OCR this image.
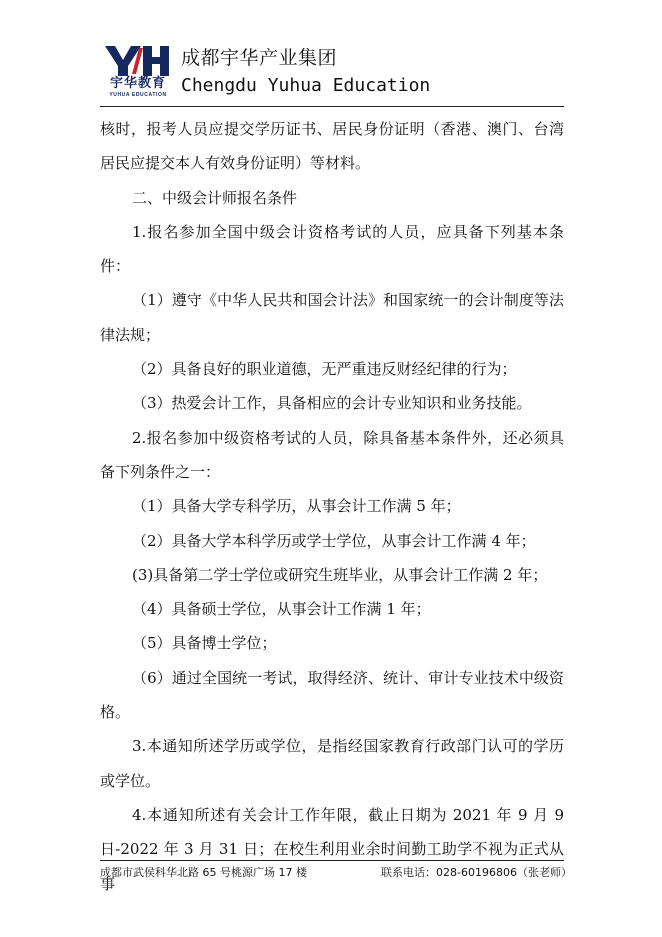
宇华教育
YUHUA EDUCATION
成都宇华产业集团
Chengdu Yuhua Education

核时，报考人员应提交学历证书、居民身份证明（香港、澳门、台湾居民应提交本人有效身份证明）等材料。

二、中级会计师报名条件

1.报名参加全国中级会计资格考试的人员，应具备下列基本条件：

（1）遵守《中华人民共和国会计法》和国家统一的会计制度等法律法规；

（2）具备良好的职业道德，无严重违反财经纪律的行为；

（3）热爱会计工作，具备相应的会计专业知识和业务技能。

2.报名参加中级资格考试的人员，除具备基本条件外，还必须具备下列条件之一：

（1）具备大学专科学历，从事会计工作满 5 年；

（2）具备大学本科学历或学士学位，从事会计工作满 4 年；

(3)具备第二学士学位或研究生班毕业，从事会计工作满 2 年；

（4）具备硕士学位，从事会计工作满 1 年；

（5）具备博士学位；

（6）通过全国统一考试，取得经济、统计、审计专业技术中级资格。

3.本通知所述学历或学位，是指经国家教育行政部门认可的学历或学位。

4.本通知所述有关会计工作年限，截止日期为 2021 年 9 月 9 日-2022 年 3 月 31 日；在校生利用业余时间勤工助学不视为正式从事

成都市武侯科华北路 65 号桃源广场 17 楼	联系电话：028-60196806（张老师）
